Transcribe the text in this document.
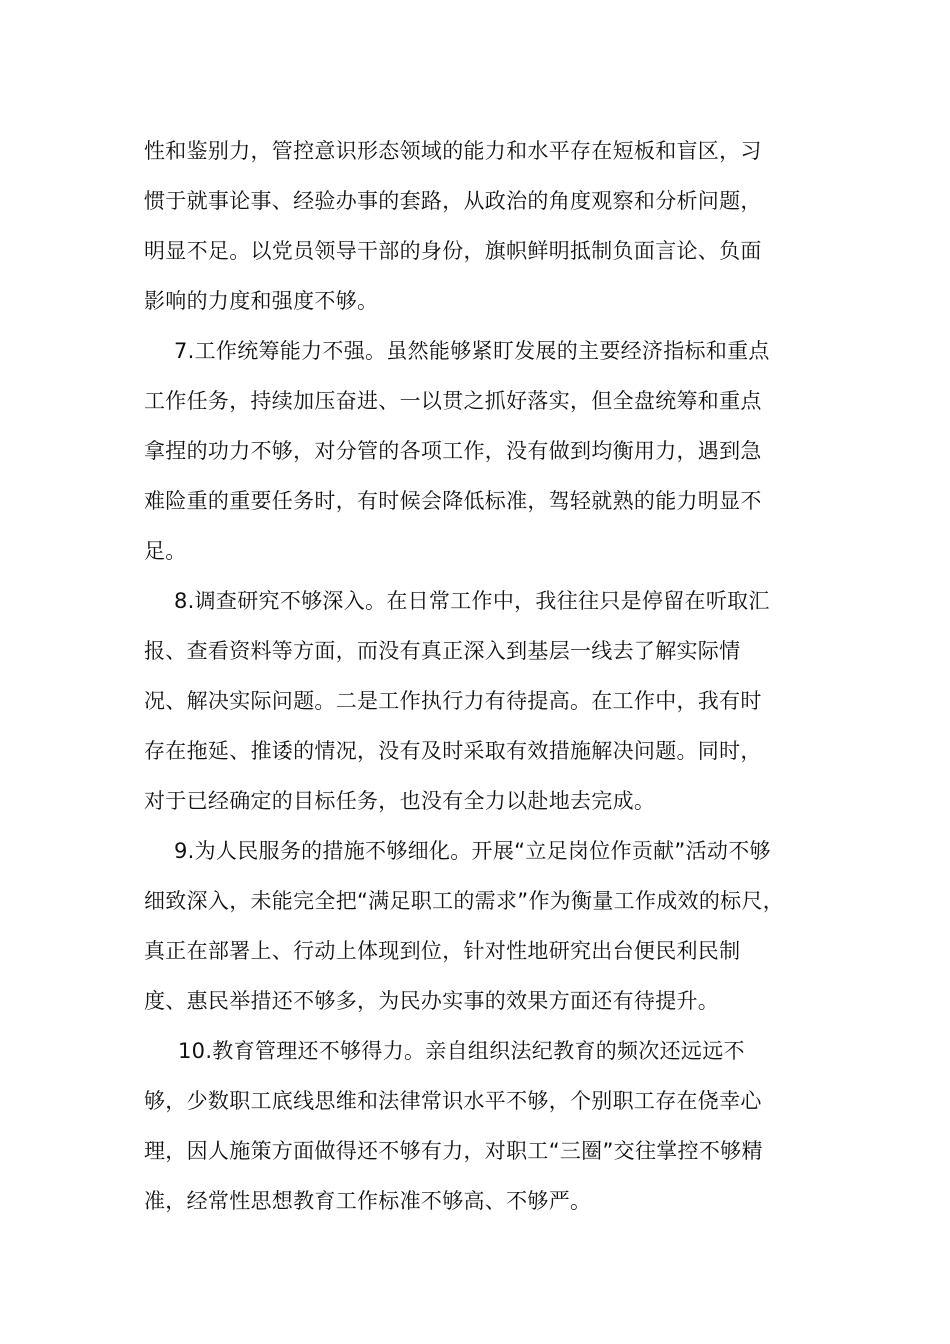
性和鉴别力，管控意识形态领域的能力和水平存在短板和盲区，习
惯于就事论事、经验办事的套路，从政治的角度观察和分析问题，
明显不足。以党员领导干部的身份，旗帜鲜明抵制负面言论、负面
影响的力度和强度不够。
7.工作统筹能力不强。虽然能够紧盯发展的主要经济指标和重点
工作任务，持续加压奋进、一以贯之抓好落实，但全盘统筹和重点
拿捏的功力不够，对分管的各项工作，没有做到均衡用力，遇到急
难险重的重要任务时，有时候会降低标准，驾轻就熟的能力明显不
足。
8.调查研究不够深入。在日常工作中，我往往只是停留在听取汇
报、查看资料等方面，而没有真正深入到基层一线去了解实际情
况、解决实际问题。二是工作执行力有待提高。在工作中，我有时
存在拖延、推诿的情况，没有及时采取有效措施解决问题。同时，
对于已经确定的目标任务，也没有全力以赴地去完成。
9.为人民服务的措施不够细化。开展“立足岗位作贡献”活动不够
细致深入，未能完全把“满足职工的需求”作为衡量工作成效的标尺，
真正在部署上、行动上体现到位，针对性地研究出台便民利民制
度、惠民举措还不够多，为民办实事的效果方面还有待提升。
10.教育管理还不够得力。亲自组织法纪教育的频次还远远不
够，少数职工底线思维和法律常识水平不够，个别职工存在侥幸心
理，因人施策方面做得还不够有力，对职工“三圈”交往掌控不够精
准，经常性思想教育工作标准不够高、不够严。
